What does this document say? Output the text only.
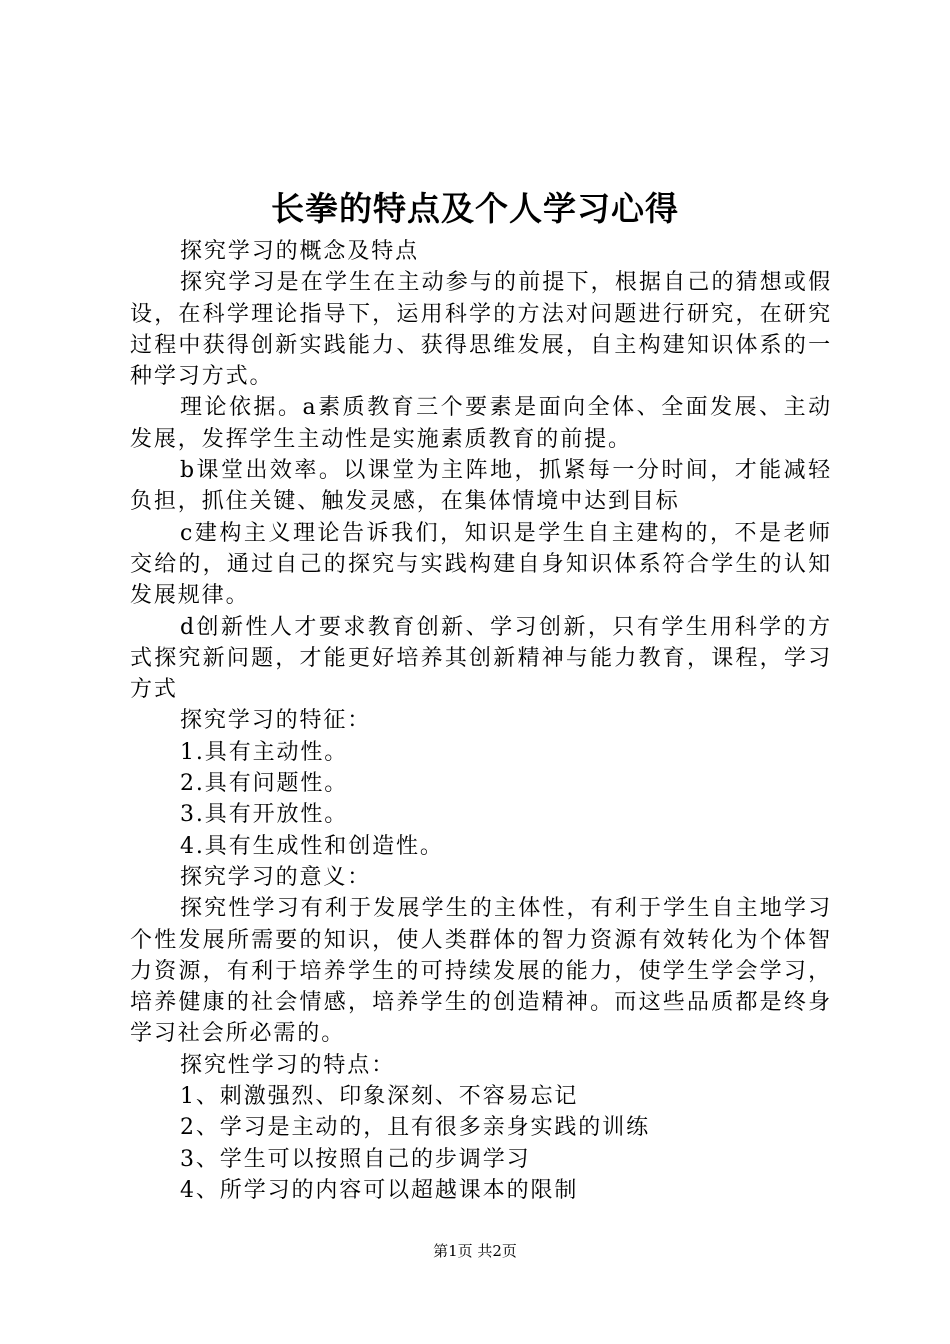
长拳的特点及个人学习心得

探究学习的概念及特点

探究学习是在学生在主动参与的前提下，根据自己的猜想或假设，在科学理论指导下，运用科学的方法对问题进行研究，在研究过程中获得创新实践能力、获得思维发展，自主构建知识体系的一种学习方式。

理论依据。a素质教育三个要素是面向全体、全面发展、主动发展，发挥学生主动性是实施素质教育的前提。

b课堂出效率。以课堂为主阵地，抓紧每一分时间，才能减轻负担，抓住关键、触发灵感，在集体情境中达到目标

c建构主义理论告诉我们，知识是学生自主建构的，不是老师交给的，通过自己的探究与实践构建自身知识体系符合学生的认知发展规律。

d创新性人才要求教育创新、学习创新，只有学生用科学的方式探究新问题，才能更好培养其创新精神与能力教育，课程，学习方式

探究学习的特征：

1.具有主动性。

2.具有问题性。

3.具有开放性。

4.具有生成性和创造性。

探究学习的意义：

探究性学习有利于发展学生的主体性，有利于学生自主地学习个性发展所需要的知识，使人类群体的智力资源有效转化为个体智力资源，有利于培养学生的可持续发展的能力，使学生学会学习，培养健康的社会情感，培养学生的创造精神。而这些品质都是终身学习社会所必需的。

探究性学习的特点：

1、刺激强烈、印象深刻、不容易忘记

2、学习是主动的，且有很多亲身实践的训练

3、学生可以按照自己的步调学习

4、所学习的内容可以超越课本的限制

第1页 共2页
